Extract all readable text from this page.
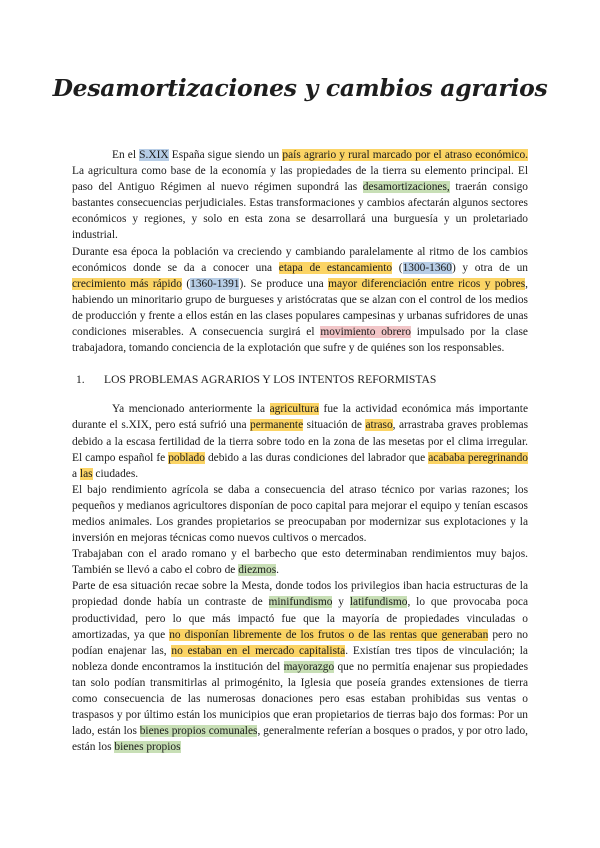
Desamortizaciones y cambios agrarios

En el S.XIX España sigue siendo un país agrario y rural marcado por el atraso económico. La agricultura como base de la economía y las propiedades de la tierra su elemento principal. El paso del Antiguo Régimen al nuevo régimen supondrá las desamortizaciones, traerán consigo bastantes consecuencias perjudiciales. Estas transformaciones y cambios afectarán algunos sectores económicos y regiones, y solo en esta zona se desarrollará una burguesía y un proletariado industrial.

Durante esa época la población va creciendo y cambiando paralelamente al ritmo de los cambios económicos donde se da a conocer una etapa de estancamiento (1300-1360) y otra de un crecimiento más rápido (1360-1391). Se produce una mayor diferenciación entre ricos y pobres, habiendo un minoritario grupo de burgueses y aristócratas que se alzan con el control de los medios de producción y frente a ellos están en las clases populares campesinas y urbanas sufridores de unas condiciones miserables. A consecuencia surgirá el movimiento obrero impulsado por la clase trabajadora, tomando conciencia de la explotación que sufre y de quiénes son los responsables.

1.	LOS PROBLEMAS AGRARIOS Y LOS INTENTOS REFORMISTAS

Ya mencionado anteriormente la agricultura fue la actividad económica más importante durante el s.XIX, pero está sufrió una permanente situación de atraso, arrastraba graves problemas debido a la escasa fertilidad de la tierra sobre todo en la zona de las mesetas por el clima irregular. El campo español fe poblado debido a las duras condiciones del labrador que acababa peregrinando a las ciudades.

El bajo rendimiento agrícola se daba a consecuencia del atraso técnico por varias razones; los pequeños y medianos agricultores disponían de poco capital para mejorar el equipo y tenían escasos medios animales. Los grandes propietarios se preocupaban por modernizar sus explotaciones y la inversión en mejoras técnicas como nuevos cultivos o mercados.

Trabajaban con el arado romano y el barbecho que esto determinaban rendimientos muy bajos. También se llevó a cabo el cobro de diezmos.

Parte de esa situación recae sobre la Mesta, donde todos los privilegios iban hacia estructuras de la propiedad donde había un contraste de minifundismo y latifundismo, lo que provocaba poca productividad, pero lo que más impactó fue que la mayoría de propiedades vinculadas o amortizadas, ya que no disponían libremente de los frutos o de las rentas que generaban pero no podían enajenar las, no estaban en el mercado capitalista. Existían tres tipos de vinculación; la nobleza donde encontramos la institución del mayorazgo que no permitía enajenar sus propiedades tan solo podían transmitirlas al primogénito, la Iglesia que poseía grandes extensiones de tierra como consecuencia de las numerosas donaciones pero esas estaban prohibidas sus ventas o traspasos y por último están los municipios que eran propietarios de tierras bajo dos formas: Por un lado, están los bienes propios comunales, generalmente referían a bosques o prados, y por otro lado, están los bienes propios
